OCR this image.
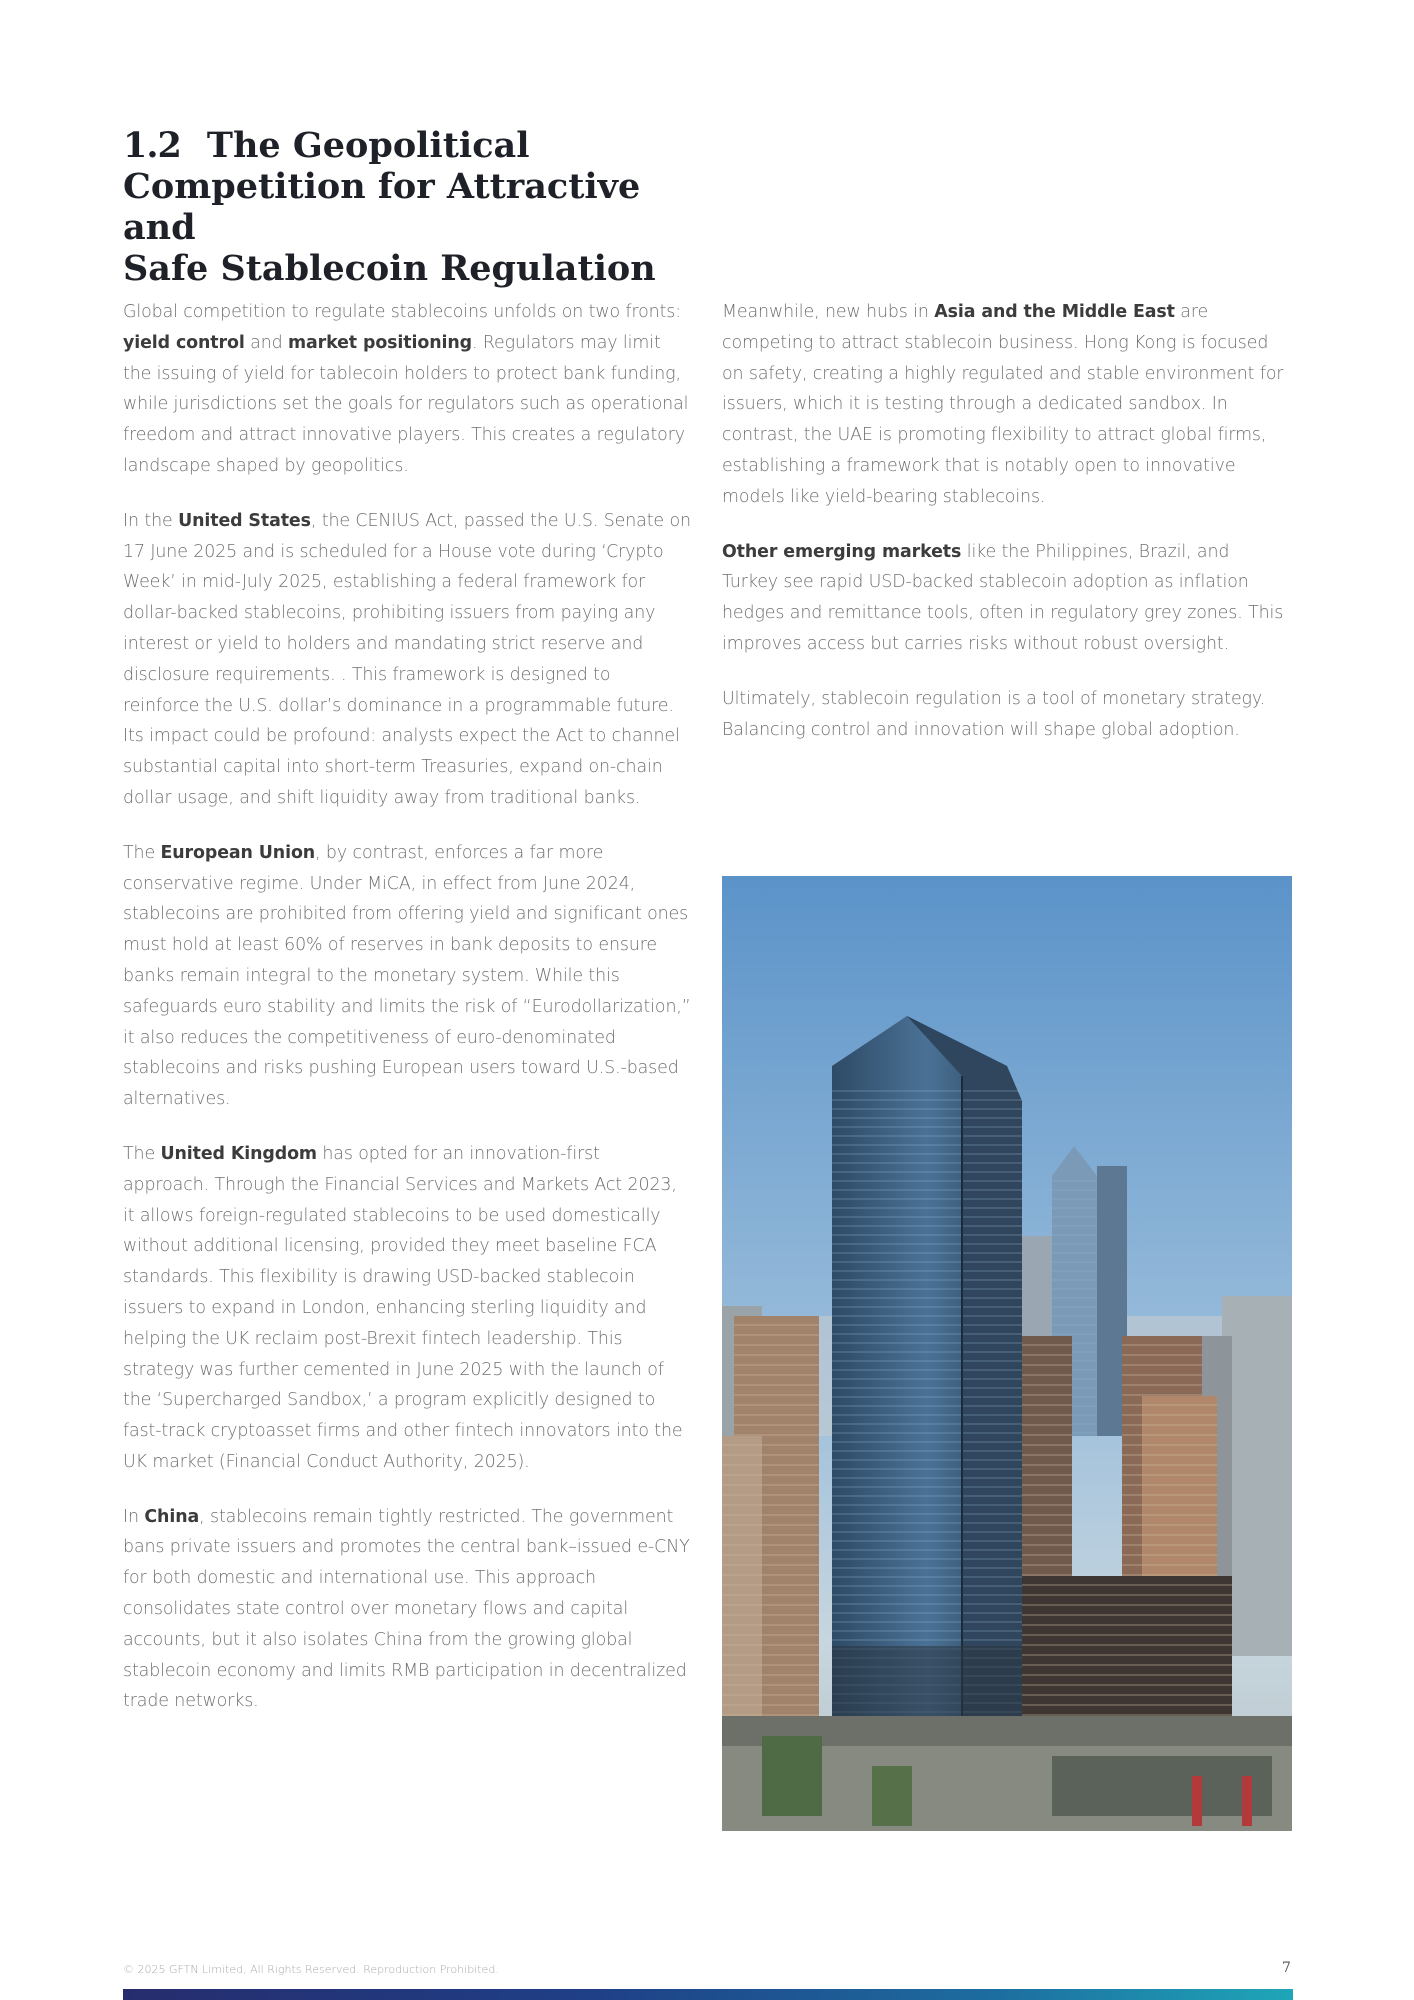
1.2 The Geopolitical
Competition for Attractive and
Safe Stablecoin Regulation

Global competition to regulate stablecoins unfolds on two fronts: yield control and market positioning. Regulators may limit the issuing of yield for tablecoin holders to protect bank funding, while jurisdictions set the goals for regulators such as operational freedom and attract innovative players. This creates a regulatory landscape shaped by geopolitics.

In the United States, the CENIUS Act, passed the U.S. Senate on 17 June 2025 and is scheduled for a House vote during ‘Crypto Week’ in mid-July 2025, establishing a federal framework for dollar-backed stablecoins, prohibiting issuers from paying any interest or yield to holders and mandating strict reserve and disclosure requirements. . This framework is designed to reinforce the U.S. dollar’s dominance in a programmable future. Its impact could be profound: analysts expect the Act to channel substantial capital into short-term Treasuries, expand on-chain dollar usage, and shift liquidity away from traditional banks.

The European Union, by contrast, enforces a far more conservative regime. Under MiCA, in effect from June 2024, stablecoins are prohibited from offering yield and significant ones must hold at least 60% of reserves in bank deposits to ensure banks remain integral to the monetary system. While this safeguards euro stability and limits the risk of “Eurodollarization,” it also reduces the competitiveness of euro-denominated stablecoins and risks pushing European users toward U.S.-based alternatives.

The United Kingdom has opted for an innovation-first approach. Through the Financial Services and Markets Act 2023, it allows foreign-regulated stablecoins to be used domestically without additional licensing, provided they meet baseline FCA standards. This flexibility is drawing USD-backed stablecoin issuers to expand in London, enhancing sterling liquidity and helping the UK reclaim post-Brexit fintech leadership. This strategy was further cemented in June 2025 with the launch of the ‘Supercharged Sandbox,’ a program explicitly designed to fast-track cryptoasset firms and other fintech innovators into the UK market (Financial Conduct Authority, 2025).

In China, stablecoins remain tightly restricted. The government bans private issuers and promotes the central bank–issued e-CNY for both domestic and international use. This approach consolidates state control over monetary flows and capital accounts, but it also isolates China from the growing global stablecoin economy and limits RMB participation in decentralized trade networks.

Meanwhile, new hubs in Asia and the Middle East are competing to attract stablecoin business. Hong Kong is focused on safety, creating a highly regulated and stable environment for issuers, which it is testing through a dedicated sandbox. In contrast, the UAE is promoting flexibility to attract global firms, establishing a framework that is notably open to innovative models like yield-bearing stablecoins.

Other emerging markets like the Philippines, Brazil, and Turkey see rapid USD-backed stablecoin adoption as inflation hedges and remittance tools, often in regulatory grey zones. This improves access but carries risks without robust oversight.

Ultimately, stablecoin regulation is a tool of monetary strategy. Balancing control and innovation will shape global adoption.

© 2025 GFTN Limited, All Rights Reserved. Reproduction Prohibited.	7
